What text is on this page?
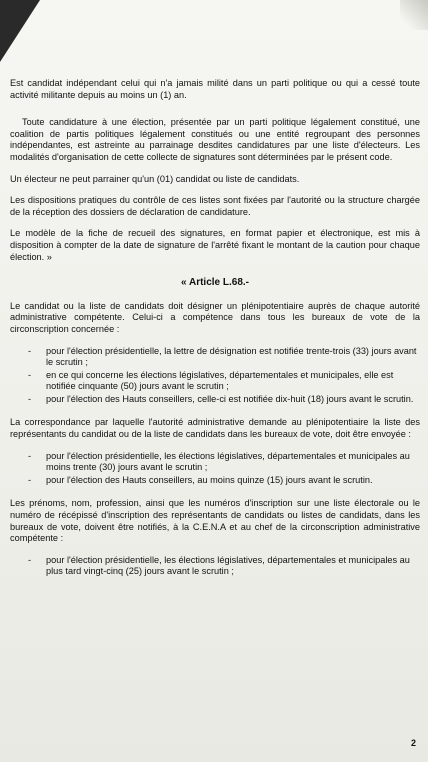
Est candidat indépendant celui qui n'a jamais milité dans un parti politique ou qui a cessé toute activité militante depuis au moins un (1) an.

Toute candidature à une élection, présentée par un parti politique légalement constitué, une coalition de partis politiques légalement constitués ou une entité regroupant des personnes indépendantes, est astreinte au parrainage desdites candidatures par une liste d'électeurs. Les modalités d'organisation de cette collecte de signatures sont déterminées par le présent code.

Un électeur ne peut parrainer qu'un (01) candidat ou liste de candidats.

Les dispositions pratiques du contrôle de ces listes sont fixées par l'autorité ou la structure chargée de la réception des dossiers de déclaration de candidature.

Le modèle de la fiche de recueil des signatures, en format papier et électronique, est mis à disposition à compter de la date de signature de l'arrêté fixant le montant de la caution pour chaque élection. »

« Article L.68.-

Le candidat ou la liste de candidats doit désigner un plénipotentiaire auprès de chaque autorité administrative compétente. Celui-ci a compétence dans tous les bureaux de vote de la circonscription concernée :

- pour l'élection présidentielle, la lettre de désignation est notifiée trente-trois (33) jours avant le scrutin ;
- en ce qui concerne les élections législatives, départementales et municipales, elle est notifiée cinquante (50) jours avant le scrutin ;
- pour l'élection des Hauts conseillers, celle-ci est notifiée dix-huit (18) jours avant le scrutin.

La correspondance par laquelle l'autorité administrative demande au plénipotentiaire la liste des représentants du candidat ou de la liste de candidats dans les bureaux de vote, doit être envoyée :

- pour l'élection présidentielle, les élections législatives, départementales et municipales au moins trente (30) jours avant le scrutin ;
- pour l'élection des Hauts conseillers, au moins quinze (15) jours avant le scrutin.

Les prénoms, nom, profession, ainsi que les numéros d'inscription sur une liste électorale ou le numéro de récépissé d'inscription des représentants de candidats ou listes de candidats, dans les bureaux de vote, doivent être notifiés, à la C.E.N.A et au chef de la circonscription administrative compétente :

- pour l'élection présidentielle, les élections législatives, départementales et municipales au plus tard vingt-cinq (25) jours avant le scrutin ;
2
